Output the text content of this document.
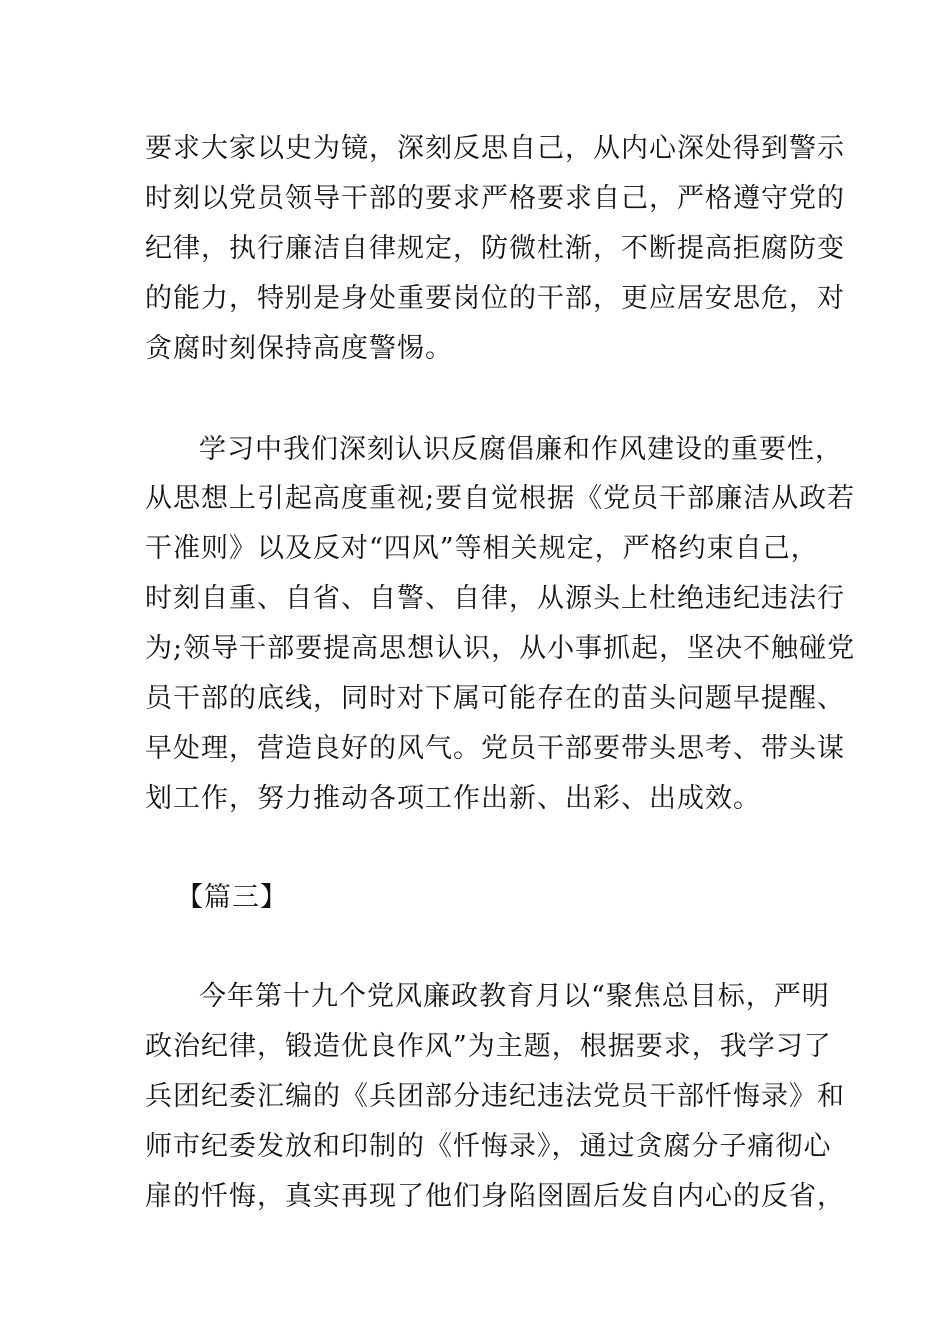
要求大家以史为镜，深刻反思自己，从内心深处得到警示
时刻以党员领导干部的要求严格要求自己，严格遵守党的
纪律，执行廉洁自律规定，防微杜渐，不断提高拒腐防变
的能力，特别是身处重要岗位的干部，更应居安思危，对
贪腐时刻保持高度警惕。
学习中我们深刻认识反腐倡廉和作风建设的重要性，
从思想上引起高度重视;要自觉根据《党员干部廉洁从政若
干准则》以及反对“四风”等相关规定，严格约束自己，
时刻自重、自省、自警、自律，从源头上杜绝违纪违法行
为;领导干部要提高思想认识，从小事抓起，坚决不触碰党
员干部的底线，同时对下属可能存在的苗头问题早提醒、
早处理，营造良好的风气。党员干部要带头思考、带头谋
划工作，努力推动各项工作出新、出彩、出成效。
【篇三】
今年第十九个党风廉政教育月以“聚焦总目标，严明
政治纪律，锻造优良作风”为主题，根据要求，我学习了
兵团纪委汇编的《兵团部分违纪违法党员干部忏悔录》和
师市纪委发放和印制的《忏悔录》，通过贪腐分子痛彻心
扉的忏悔，真实再现了他们身陷囹圄后发自内心的反省，
